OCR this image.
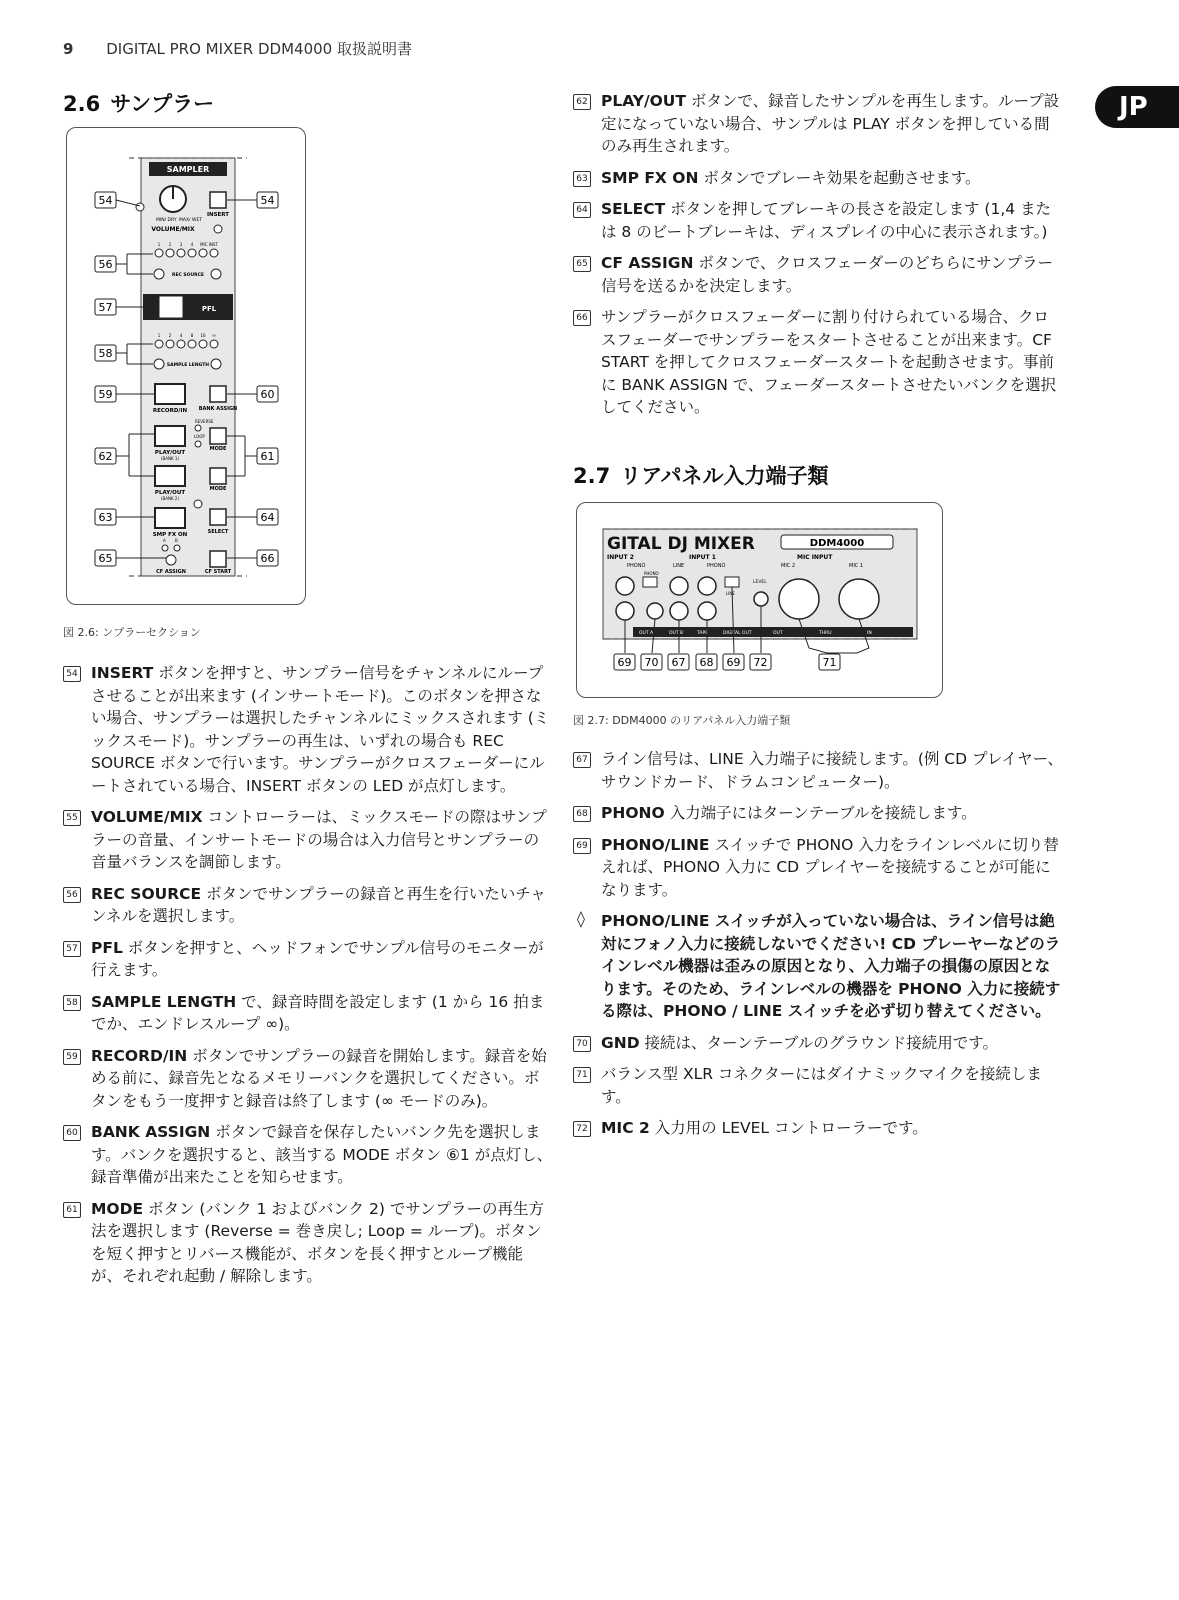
9 DIGITAL PRO MIXER DDM4000 取扱説明書
JP
2.6 サンプラー
SAMPLER
MIN/ DRY MAX/ WET
VOLUME/MIX
INSERT
1 2 3 4 MIC INST
REC SOURCE
PFL
1 2 4 8 16 ∞
SAMPLE LENGTH
RECORD/IN BANK ASSIGN
REVERSE
LOOP
PLAY/OUT
(BANK 1)
MODE
PLAY/OUT
(BANK 2)
MODE
SMP FX ON	SELECT
A B
CF ASSIGN	CF START
54	54
56
57
58
59	60
62	61
63	64
65	66
図 2.6: ンプラーセクション
54 INSERT ボタンを押すと、サンプラー信号をチャンネルにループさせることが出来ます (インサートモード)。このボタンを押さない場合、サンプラーは選択したチャンネルにミックスされます (ミックスモード)。サンプラーの再生は、いずれの場合も REC SOURCE ボタンで行います。サンプラーがクロスフェーダーにルートされている場合、INSERT ボタンの LED が点灯します。
55 VOLUME/MIX コントローラーは、ミックスモードの際はサンプラーの音量、インサートモードの場合は入力信号とサンプラーの音量バランスを調節します。
56 REC SOURCE ボタンでサンプラーの録音と再生を行いたいチャンネルを選択します。
57 PFL ボタンを押すと、ヘッドフォンでサンプル信号のモニターが行えます。
58 SAMPLE LENGTH で、録音時間を設定します (1 から 16 拍までか、エンドレスループ ∞)。
59 RECORD/IN ボタンでサンプラーの録音を開始します。録音を始める前に、録音先となるメモリーバンクを選択してください。ボタンをもう一度押すと録音は終了します (∞ モードのみ)。
60 BANK ASSIGN ボタンで録音を保存したいバンク先を選択します。バンクを選択すると、該当する MODE ボタン ⑥1 が点灯し、録音準備が出来たことを知らせます。
61 MODE ボタン (バンク 1 およびバンク 2) でサンプラーの再生方法を選択します (Reverse = 巻き戻し; Loop = ループ)。ボタンを短く押すとリバース機能が、ボタンを長く押すとループ機能が、それぞれ起動 / 解除します。
62 PLAY/OUT ボタンで、録音したサンプルを再生します。ループ設定になっていない場合、サンプルは PLAY ボタンを押している間のみ再生されます。
63 SMP FX ON ボタンでブレーキ効果を起動させます。
64 SELECT ボタンを押してブレーキの長さを設定します (1,4 または 8 のビートブレーキは、ディスプレイの中心に表示されます。)
65 CF ASSIGN ボタンで、クロスフェーダーのどちらにサンプラー信号を送るかを決定します。
66 サンプラーがクロスフェーダーに割り付けられている場合、クロスフェーダーでサンプラーをスタートさせることが出来ます。CF START を押してクロスフェーダースタートを起動させます。事前に BANK ASSIGN で、フェーダースタートさせたいバンクを選択してください。
2.7 リアパネル入力端子類
GITAL DJ MIXER	DDM4000
INPUT 2	INPUT 1	MIC INPUT
PHONO	LINE	PHONO	MIC 2	MIC 1
LEVEL
PHONO
LINE
OUT A	OUT B	TAPE	DIGITAL OUT	OUT	THRU	IN
69 70 67 68 69 72	71
図 2.7: DDM4000 のリアパネル入力端子類
67 ライン信号は、LINE 入力端子に接続します。(例 CD プレイヤー、サウンドカード、ドラムコンピューター)。
68 PHONO 入力端子にはターンテーブルを接続します。
69 PHONO/LINE スイッチで PHONO 入力をラインレベルに切り替えれば、PHONO 入力に CD プレイヤーを接続することが可能になります。
◊ PHONO/LINE スイッチが入っていない場合は、ライン信号は絶対にフォノ入力に接続しないでください! CD プレーヤーなどのラインレベル機器は歪みの原因となり、入力端子の損傷の原因となります。そのため、ラインレベルの機器を PHONO 入力に接続する際は、PHONO / LINE スイッチを必ず切り替えてください。
70 GND 接続は、ターンテーブルのグラウンド接続用です。
71 バランス型 XLR コネクターにはダイナミックマイクを接続します。
72 MIC 2 入力用の LEVEL コントローラーです。
